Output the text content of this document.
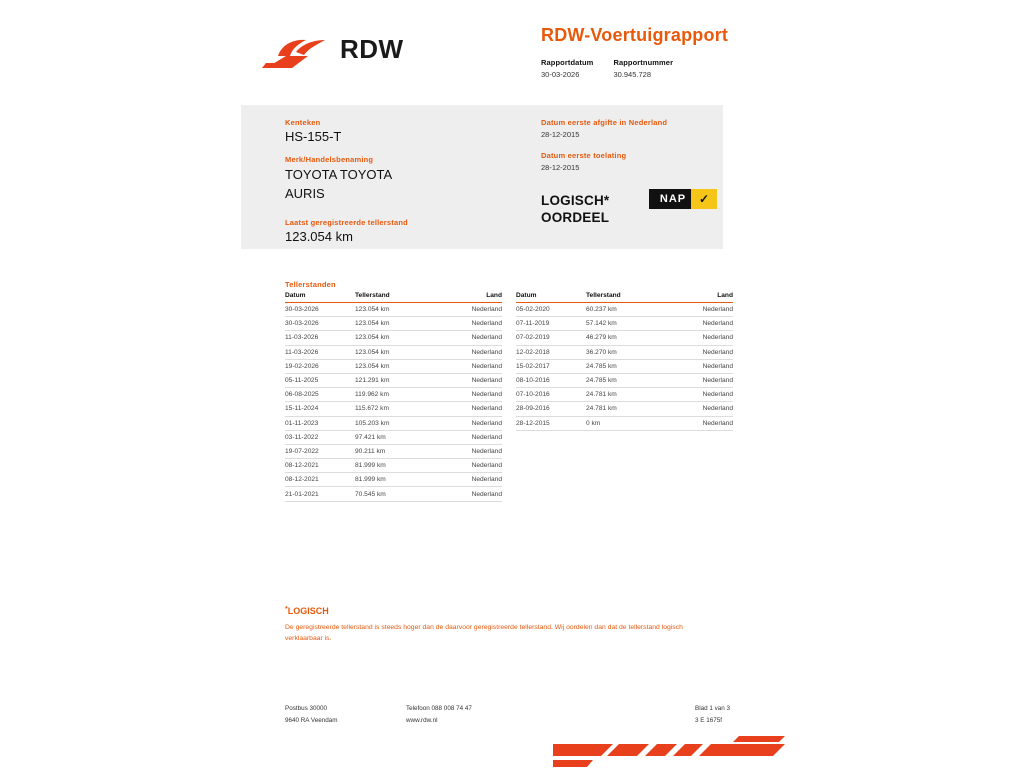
RDW	RDW-Voertuigrapport
Rapportdatum
30-03-2026

Rapportnummer
30.945.728
Kenteken
HS-155-T
Merk/Handelsbenaming
TOYOTA TOYOTA AURIS
Laatst geregistreerde tellerstand
123.054 km
Datum eerste afgifte in Nederland
28-12-2015
Datum eerste toelating
28-12-2015
LOGISCH*
OORDEEL
NAP	✓
Tellerstanden
Datum	Tellerstand	Land
30-03-2026	123.054 km	Nederland
30-03-2026	123.054 km	Nederland
11-03-2026	123.054 km	Nederland
11-03-2026	123.054 km	Nederland
19-02-2026	123.054 km	Nederland
05-11-2025	121.291 km	Nederland
06-08-2025	119.962 km	Nederland
15-11-2024	115.672 km	Nederland
01-11-2023	105.203 km	Nederland
03-11-2022	97.421 km	Nederland
19-07-2022	90.211 km	Nederland
08-12-2021	81.999 km	Nederland
08-12-2021	81.999 km	Nederland
21-01-2021	70.545 km	Nederland
Datum	Tellerstand	Land
05-02-2020	60.237 km	Nederland
07-11-2019	57.142 km	Nederland
07-02-2019	46.279 km	Nederland
12-02-2018	36.270 km	Nederland
15-02-2017	24.785 km	Nederland
08-10-2016	24.785 km	Nederland
07-10-2016	24.781 km	Nederland
28-09-2016	24.781 km	Nederland
28-12-2015	0 km	Nederland
*LOGISCH
De geregistreerde tellerstand is steeds hoger dan de daarvoor geregistreerde tellerstand. Wij oordelen dan dat de tellerstand logisch verklaarbaar is.
Postbus 30000
9640 RA Veendam
Telefoon 088 008 74 47
www.rdw.nl
Blad 1 van 3
3 E 1675f
